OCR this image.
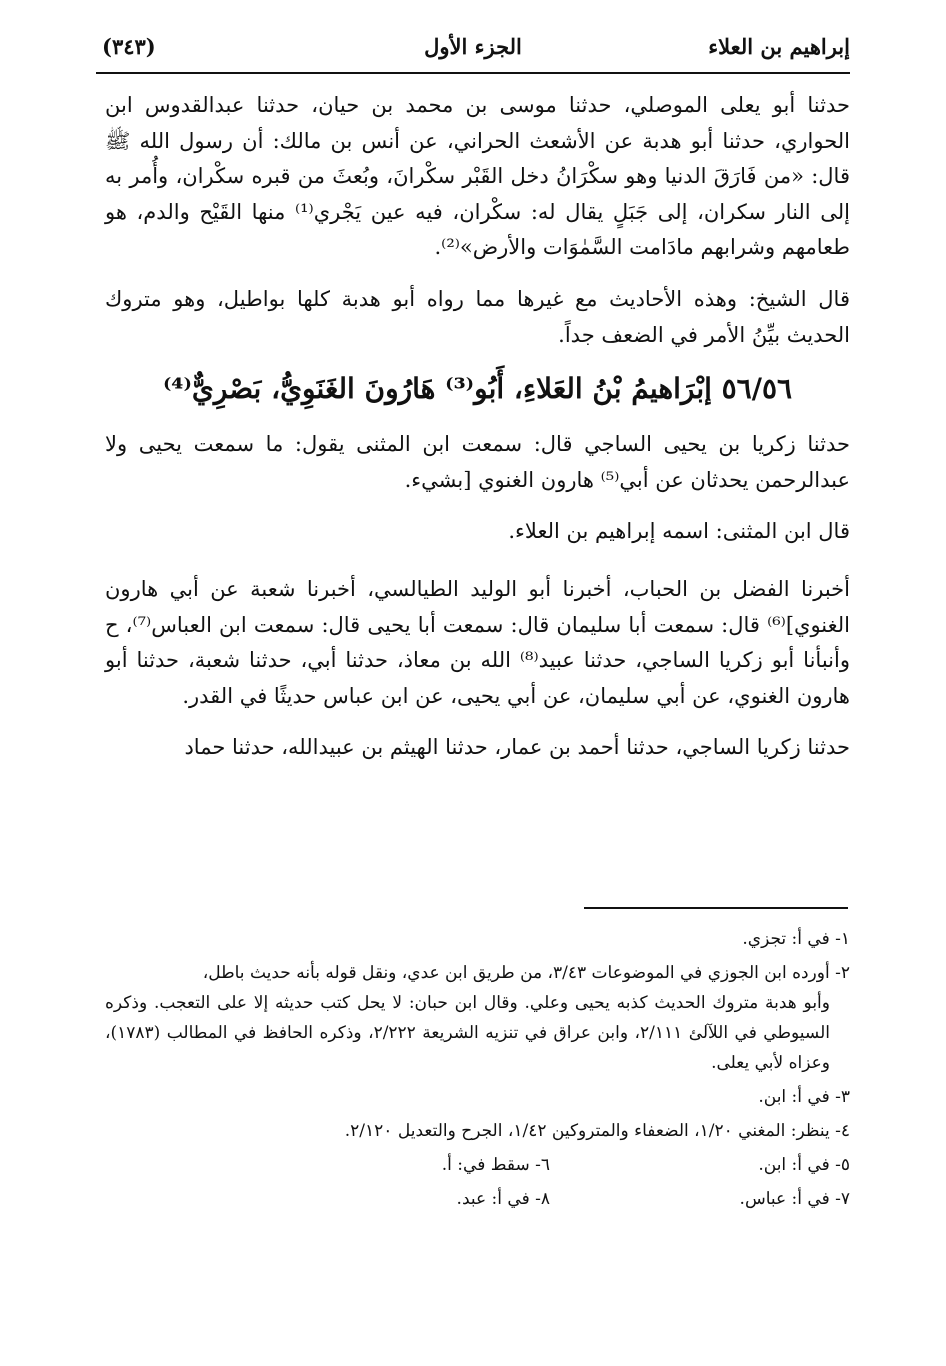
إبراهيم بن العلاء
الجزء الأول
(٣٤٣)

حدثنا أبو يعلى الموصلي، حدثنا موسى بن محمد بن حيان، حدثنا عبدالقدوس ابن الحواري، حدثنا أبو هدبة عن الأشعث الحراني، عن أنس بن مالك: أن رسول الله ﷺ قال: «من فَارَقَ الدنيا وهو سكْرَانُ دخل القَبْر سكْرانَ، وبُعثَ من قبره سكْران، وأُمر به إلى النار سكران، إلى جَبَلٍ يقال له: سكْران، فيه عين يَجْري⁽¹⁾ منها القَيْح والدم، هو طعامهم وشرابهم مادَامت السَّمٰوَات والأرض»⁽²⁾.

قال الشيخ: وهذه الأحاديث مع غيرها مما رواه أبو هدبة كلها بواطيل، وهو متروك الحديث بيِّنُ الأمر في الضعف جداً.

٥٦/٥٦ إبْرَاهيمُ بْنُ العَلاءِ، أَبُو⁽³⁾ هَارُونَ الغَنَوِيُّ، بَصْرِيٌّ⁽⁴⁾

حدثنا زكريا بن يحيى الساجي قال: سمعت ابن المثنى يقول: ما سمعت يحيى ولا عبدالرحمن يحدثان عن أبي⁽⁵⁾ هارون الغنوي [بشيء.

قال ابن المثنى: اسمه إبراهيم بن العلاء.

أخبرنا الفضل بن الحباب، أخبرنا أبو الوليد الطيالسي، أخبرنا شعبة عن أبي هارون الغنوي]⁽⁶⁾ قال: سمعت أبا سليمان قال: سمعت أبا يحيى قال: سمعت ابن العباس⁽⁷⁾، ح وأنبأنا أبو زكريا الساجي، حدثنا عبيد⁽⁸⁾ الله بن معاذ، حدثنا أبي، حدثنا شعبة، حدثنا أبو هارون الغنوي، عن أبي سليمان، عن أبي يحيى، عن ابن عباس حديثًا في القدر.

حدثنا زكريا الساجي، حدثنا أحمد بن عمار، حدثنا الهيثم بن عبيدالله، حدثنا حماد

١- في أ: تجزي.
٢- أورده ابن الجوزي في الموضوعات ٣/٤٣، من طريق ابن عدي، ونقل قوله بأنه حديث باطل،
وأبو هدبة متروك الحديث كذبه يحيى وعلي. وقال ابن حبان: لا يحل كتب حديثه إلا على التعجب. وذكره السيوطي في اللآلئ ٢/١١١، وابن عراق في تنزيه الشريعة ٢/٢٢٢، وذكره الحافظ في المطالب (١٧٨٣)، وعزاه لأبي يعلى.
٣- في أ: ابن.
٤- ينظر: المغني ١/٢٠، الضعفاء والمتروكين ١/٤٢، الجرح والتعديل ٢/١٢٠.
٥- في أ: ابن.
٦- سقط في: أ.
٧- في أ: عباس.
٨- في أ: عبد.
